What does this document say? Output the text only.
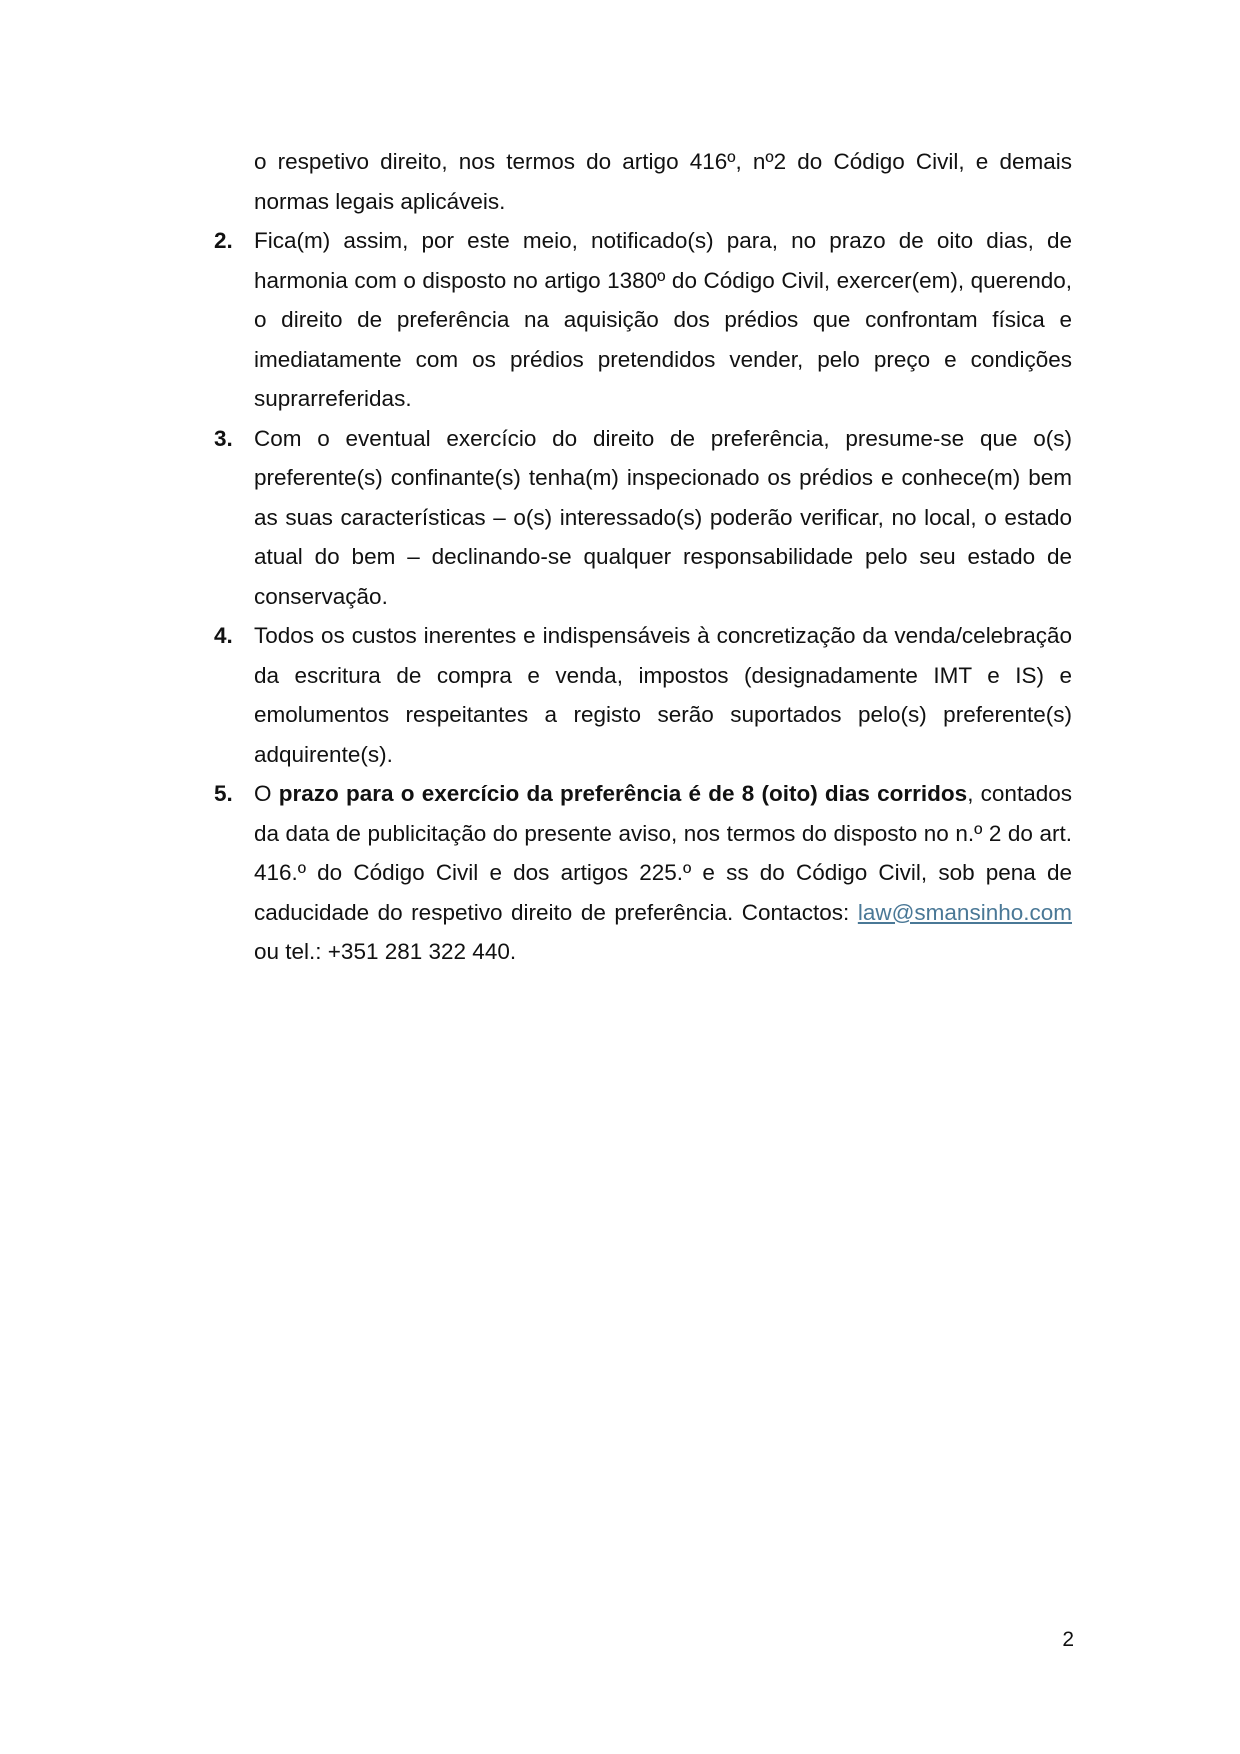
o respetivo direito, nos termos do artigo 416º, nº2 do Código Civil, e demais normas legais aplicáveis.

2. Fica(m) assim, por este meio, notificado(s) para, no prazo de oito dias, de harmonia com o disposto no artigo 1380º do Código Civil, exercer(em), querendo, o direito de preferência na aquisição dos prédios que confrontam física e imediatamente com os prédios pretendidos vender, pelo preço e condições suprarreferidas.

3. Com o eventual exercício do direito de preferência, presume-se que o(s) preferente(s) confinante(s) tenha(m) inspecionado os prédios e conhece(m) bem as suas características – o(s) interessado(s) poderão verificar, no local, o estado atual do bem – declinando-se qualquer responsabilidade pelo seu estado de conservação.

4. Todos os custos inerentes e indispensáveis à concretização da venda/celebração da escritura de compra e venda, impostos (designadamente IMT e IS) e emolumentos respeitantes a registo serão suportados pelo(s) preferente(s) adquirente(s).

5. O prazo para o exercício da preferência é de 8 (oito) dias corridos, contados da data de publicitação do presente aviso, nos termos do disposto no n.º 2 do art. 416.º do Código Civil e dos artigos 225.º e ss do Código Civil, sob pena de caducidade do respetivo direito de preferência. Contactos: law@smansinho.com ou tel.: +351 281 322 440.

2
